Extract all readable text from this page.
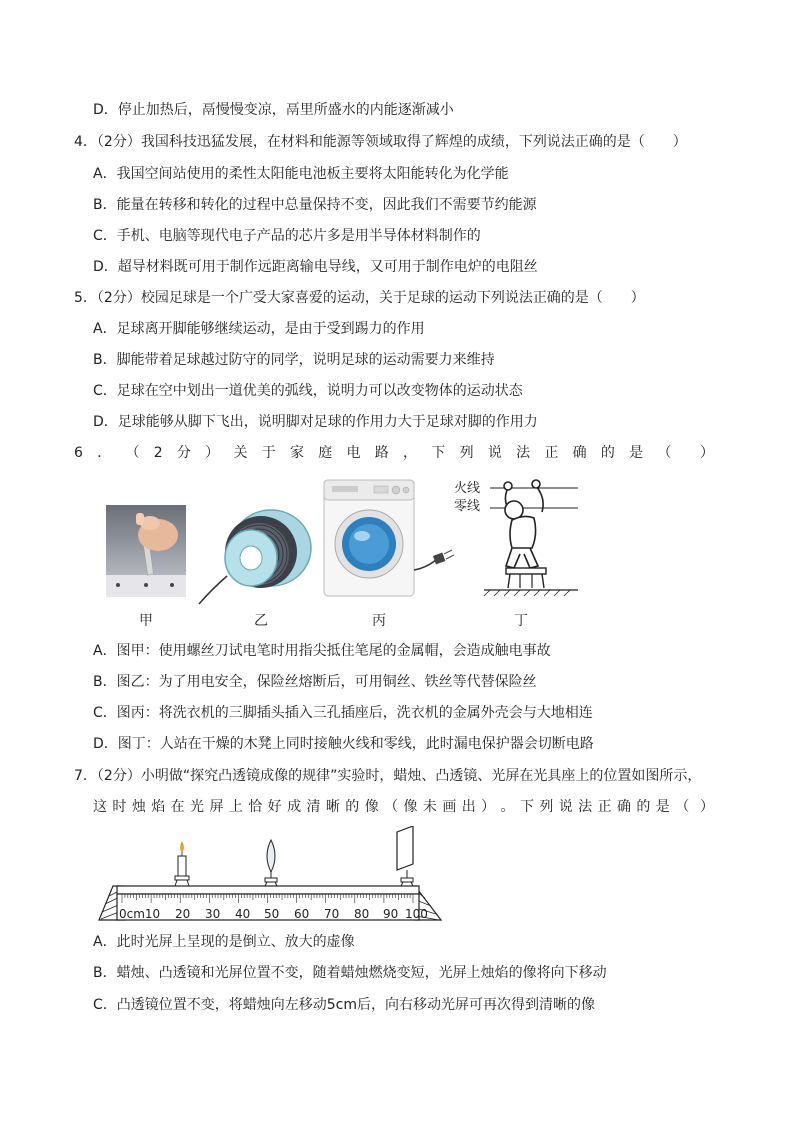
D．停止加热后，鬲慢慢变凉，鬲里所盛水的内能逐渐减小
4．（2分）我国科技迅猛发展，在材料和能源等领域取得了辉煌的成绩，下列说法正确的是（　　）
A．我国空间站使用的柔性太阳能电池板主要将太阳能转化为化学能
B．能量在转移和转化的过程中总量保持不变，因此我们不需要节约能源
C．手机、电脑等现代电子产品的芯片多是用半导体材料制作的
D．超导材料既可用于制作远距离输电导线，又可用于制作电炉的电阻丝
5．（2分）校园足球是一个广受大家喜爱的运动，关于足球的运动下列说法正确的是（　　）
A．足球离开脚能够继续运动，是由于受到踢力的作用
B．脚能带着足球越过防守的同学，说明足球的运动需要力来维持
C．足球在空中划出一道优美的弧线，说明力可以改变物体的运动状态
D．足球能够从脚下飞出，说明脚对足球的作用力大于足球对脚的作用力
6 ． （ 2 分 ） 关 于 家 庭 电 路 ， 下 列 说 法 正 确 的 是 （ ）
火线
零线
甲	乙	丙	丁
A．图甲：使用螺丝刀试电笔时用指尖抵住笔尾的金属帽，会造成触电事故
B．图乙：为了用电安全，保险丝熔断后，可用铜丝、铁丝等代替保险丝
C．图丙：将洗衣机的三脚插头插入三孔插座后，洗衣机的金属外壳会与大地相连
D．图丁：人站在干燥的木凳上同时接触火线和零线，此时漏电保护器会切断电路
7．（2分）小明做“探究凸透镜成像的规律”实验时，蜡烛、凸透镜、光屏在光具座上的位置如图所示，
这 时 烛 焰 在 光 屏 上 恰 好 成 清 晰 的 像 （ 像 未 画 出 ） 。 下 列 说 法 正 确 的 是 （ ）
0cm10 20 30 40 50 60 70 80 90 100
A．此时光屏上呈现的是倒立、放大的虚像
B．蜡烛、凸透镜和光屏位置不变，随着蜡烛燃烧变短，光屏上烛焰的像将向下移动
C．凸透镜位置不变，将蜡烛向左移动5cm后，向右移动光屏可再次得到清晰的像
